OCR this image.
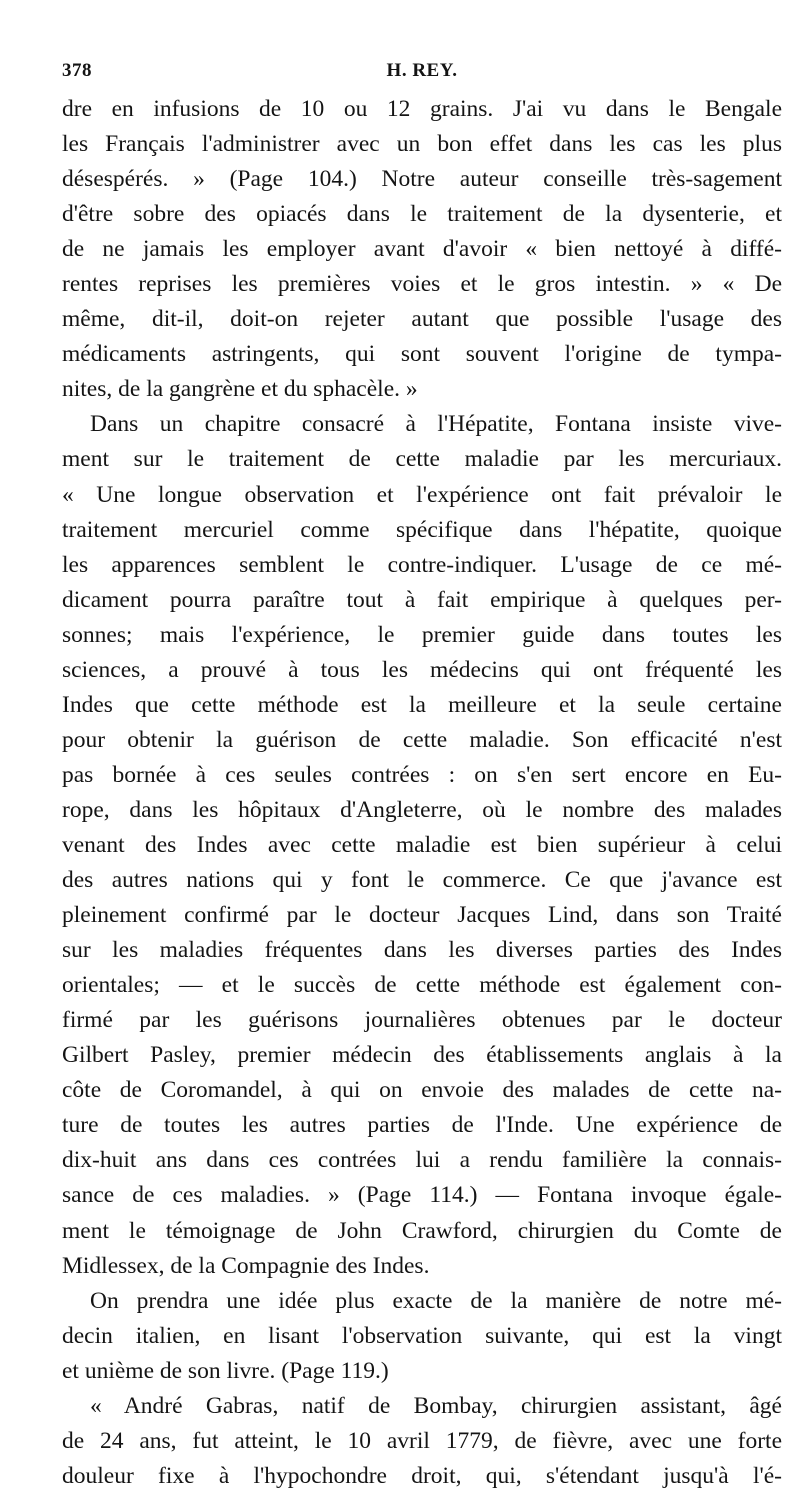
378	H. REY.
dre en infusions de 10 ou 12 grains. J'ai vu dans le Bengale
les Français l'administrer avec un bon effet dans les cas les plus
désespérés. » (Page 104.) Notre auteur conseille très-sagement
d'être sobre des opiacés dans le traitement de la dysenterie, et
de ne jamais les employer avant d'avoir « bien nettoyé à diffé-
rentes reprises les premières voies et le gros intestin. » « De
même, dit-il, doit-on rejeter autant que possible l'usage des
médicaments astringents, qui sont souvent l'origine de tympa-
nites, de la gangrène et du sphacèle. »
Dans un chapitre consacré à l'Hépatite, Fontana insiste vive-
ment sur le traitement de cette maladie par les mercuriaux.
« Une longue observation et l'expérience ont fait prévaloir le
traitement mercuriel comme spécifique dans l'hépatite, quoique
les apparences semblent le contre-indiquer. L'usage de ce mé-
dicament pourra paraître tout à fait empirique à quelques per-
sonnes; mais l'expérience, le premier guide dans toutes les
sciences, a prouvé à tous les médecins qui ont fréquenté les
Indes que cette méthode est la meilleure et la seule certaine
pour obtenir la guérison de cette maladie. Son efficacité n'est
pas bornée à ces seules contrées : on s'en sert encore en Eu-
rope, dans les hôpitaux d'Angleterre, où le nombre des malades
venant des Indes avec cette maladie est bien supérieur à celui
des autres nations qui y font le commerce. Ce que j'avance est
pleinement confirmé par le docteur Jacques Lind, dans son Traité
sur les maladies fréquentes dans les diverses parties des Indes
orientales; — et le succès de cette méthode est également con-
firmé par les guérisons journalières obtenues par le docteur
Gilbert Pasley, premier médecin des établissements anglais à la
côte de Coromandel, à qui on envoie des malades de cette na-
ture de toutes les autres parties de l'Inde. Une expérience de
dix-huit ans dans ces contrées lui a rendu familière la connais-
sance de ces maladies. » (Page 114.) — Fontana invoque égale-
ment le témoignage de John Crawford, chirurgien du Comte de
Midlessex, de la Compagnie des Indes.
On prendra une idée plus exacte de la manière de notre mé-
decin italien, en lisant l'observation suivante, qui est la vingt
et unième de son livre. (Page 119.)
« André Gabras, natif de Bombay, chirurgien assistant, âgé
de 24 ans, fut atteint, le 10 avril 1779, de fièvre, avec une forte
douleur fixe à l'hypochondre droit, qui, s'étendant jusqu'à l'é-
